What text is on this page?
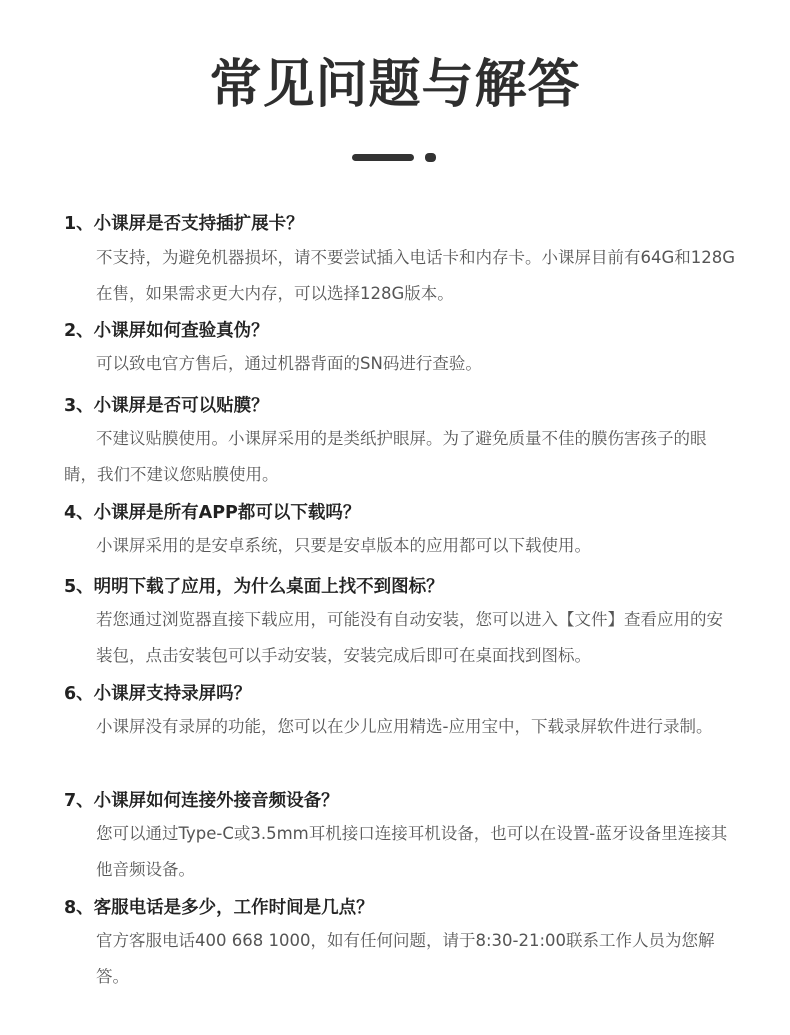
常见问题与解答
1、小课屏是否支持插扩展卡？
不支持，为避免机器损坏，请不要尝试插入电话卡和内存卡。小课屏目前有64G和128G在售，如果需求更大内存，可以选择128G版本。
2、小课屏如何查验真伪？
可以致电官方售后，通过机器背面的SN码进行查验。
3、小课屏是否可以贴膜？
不建议贴膜使用。小课屏采用的是类纸护眼屏。为了避免质量不佳的膜伤害孩子的眼睛，我们不建议您贴膜使用。
4、小课屏是所有APP都可以下载吗？
小课屏采用的是安卓系统，只要是安卓版本的应用都可以下载使用。
5、明明下载了应用，为什么桌面上找不到图标？
若您通过浏览器直接下载应用，可能没有自动安装，您可以进入【文件】查看应用的安装包，点击安装包可以手动安装，安装完成后即可在桌面找到图标。
6、小课屏支持录屏吗？
小课屏没有录屏的功能，您可以在少儿应用精选-应用宝中，下载录屏软件进行录制。
7、小课屏如何连接外接音频设备？
您可以通过Type-C或3.5mm耳机接口连接耳机设备，也可以在设置-蓝牙设备里连接其他音频设备。
8、客服电话是多少，工作时间是几点？
官方客服电话400 668 1000，如有任何问题，请于8:30-21:00联系工作人员为您解答。
